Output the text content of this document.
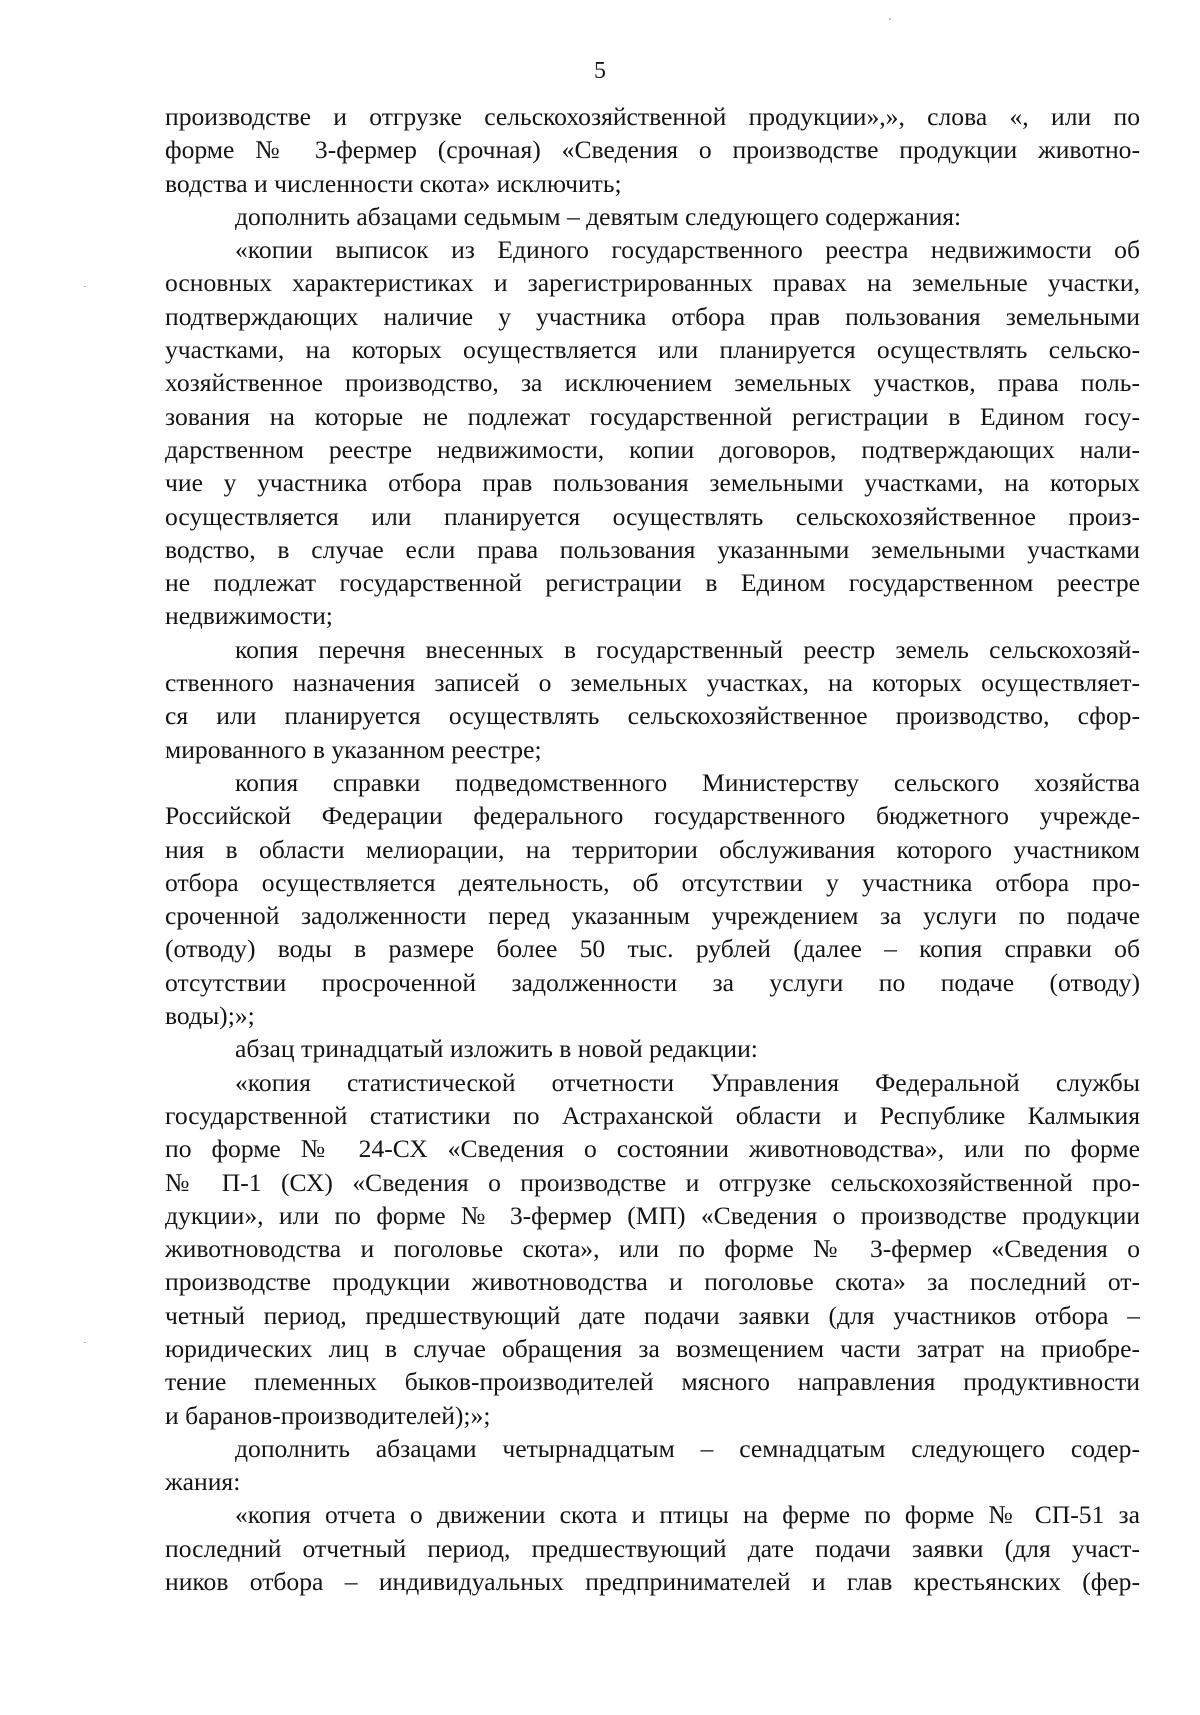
5
производстве и отгрузке сельскохозяйственной продукции»,», слова «, или по
форме № 3-фермер (срочная) «Сведения о производстве продукции животно-
водства и численности скота» исключить;
дополнить абзацами седьмым – девятым следующего содержания:
«копии выписок из Единого государственного реестра недвижимости об
основных характеристиках и зарегистрированных правах на земельные участки,
подтверждающих наличие у участника отбора прав пользования земельными
участками, на которых осуществляется или планируется осуществлять сельско-
хозяйственное производство, за исключением земельных участков, права поль-
зования на которые не подлежат государственной регистрации в Едином госу-
дарственном реестре недвижимости, копии договоров, подтверждающих нали-
чие у участника отбора прав пользования земельными участками, на которых
осуществляется или планируется осуществлять сельскохозяйственное произ-
водство, в случае если права пользования указанными земельными участками
не подлежат государственной регистрации в Едином государственном реестре
недвижимости;
копия перечня внесенных в государственный реестр земель сельскохозяй-
ственного назначения записей о земельных участках, на которых осуществляет-
ся или планируется осуществлять сельскохозяйственное производство, сфор-
мированного в указанном реестре;
копия справки подведомственного Министерству сельского хозяйства
Российской Федерации федерального государственного бюджетного учрежде-
ния в области мелиорации, на территории обслуживания которого участником
отбора осуществляется деятельность, об отсутствии у участника отбора про-
сроченной задолженности перед указанным учреждением за услуги по подаче
(отводу) воды в размере более 50 тыс. рублей (далее – копия справки об
отсутствии просроченной задолженности за услуги по подаче (отводу)
воды);»;
абзац тринадцатый изложить в новой редакции:
«копия статистической отчетности Управления Федеральной службы
государственной статистики по Астраханской области и Республике Калмыкия
по форме № 24-СХ «Сведения о состоянии животноводства», или по форме
№ П-1 (СХ) «Сведения о производстве и отгрузке сельскохозяйственной про-
дукции», или по форме № 3-фермер (МП) «Сведения о производстве продукции
животноводства и поголовье скота», или по форме № 3-фермер «Сведения о
производстве продукции животноводства и поголовье скота» за последний от-
четный период, предшествующий дате подачи заявки (для участников отбора –
юридических лиц в случае обращения за возмещением части затрат на приобре-
тение племенных быков-производителей мясного направления продуктивности
и баранов-производителей);»;
дополнить абзацами четырнадцатым – семнадцатым следующего содер-
жания:
«копия отчета о движении скота и птицы на ферме по форме № СП-51 за
последний отчетный период, предшествующий дате подачи заявки (для участ-
ников отбора – индивидуальных предпринимателей и глав крестьянских (фер-
